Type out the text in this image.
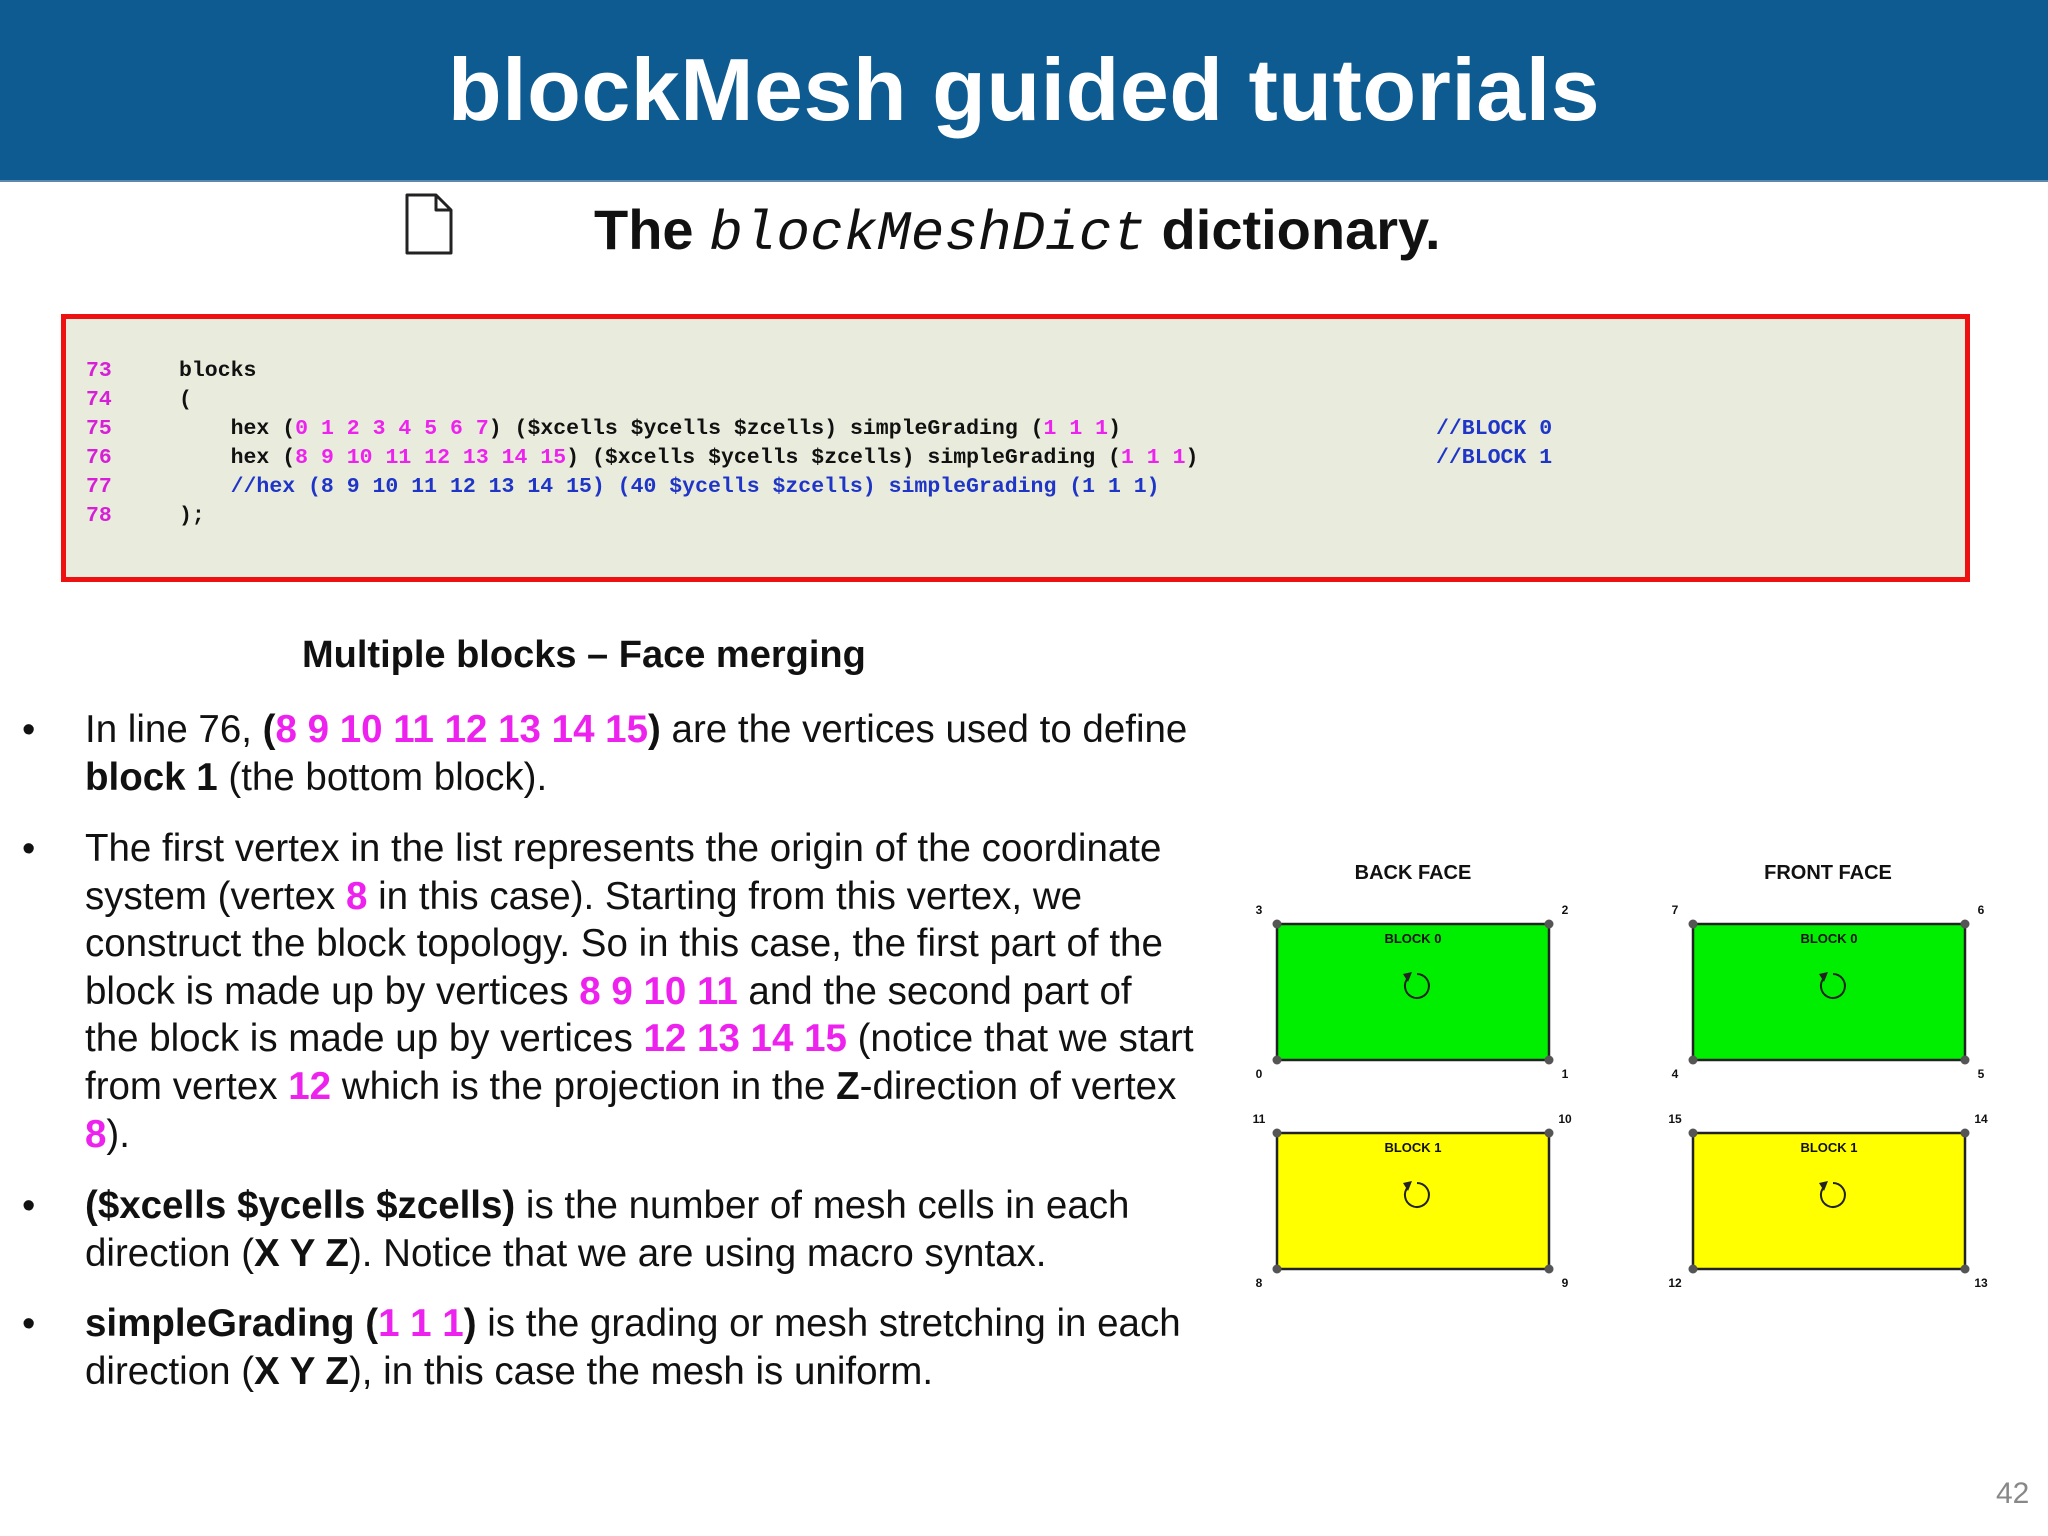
blockMesh guided tutorials
The blockMeshDict dictionary.
73	blocks
74	(
75	hex (0 1 2 3 4 5 6 7) ($xcells $ycells $zcells) simpleGrading (1 1 1)	//BLOCK 0
76	hex (8 9 10 11 12 13 14 15) ($xcells $ycells $zcells) simpleGrading (1 1 1)	//BLOCK 1
77	//hex (8 9 10 11 12 13 14 15) (40 $ycells $zcells) simpleGrading (1 1 1)
78	);
Multiple blocks – Face merging
• In line 76, (8 9 10 11 12 13 14 15) are the vertices used to define block 1 (the bottom block).
• The first vertex in the list represents the origin of the coordinate system (vertex 8 in this case). Starting from this vertex, we construct the block topology. So in this case, the first part of the block is made up by vertices 8 9 10 11 and the second part of the block is made up by vertices 12 13 14 15 (notice that we start from vertex 12 which is the projection in the Z-direction of vertex 8).
• ($xcells $ycells $zcells) is the number of mesh cells in each direction (X Y Z). Notice that we are using macro syntax.
• simpleGrading (1 1 1) is the grading or mesh stretching in each direction (X Y Z), in this case the mesh is uniform.
BACK FACE	FRONT FACE
BLOCK 0
3	2
0	1
BLOCK 1
11	10
8	9
BLOCK 0
7	6
4	5
BLOCK 1
15	14
12	13
42
